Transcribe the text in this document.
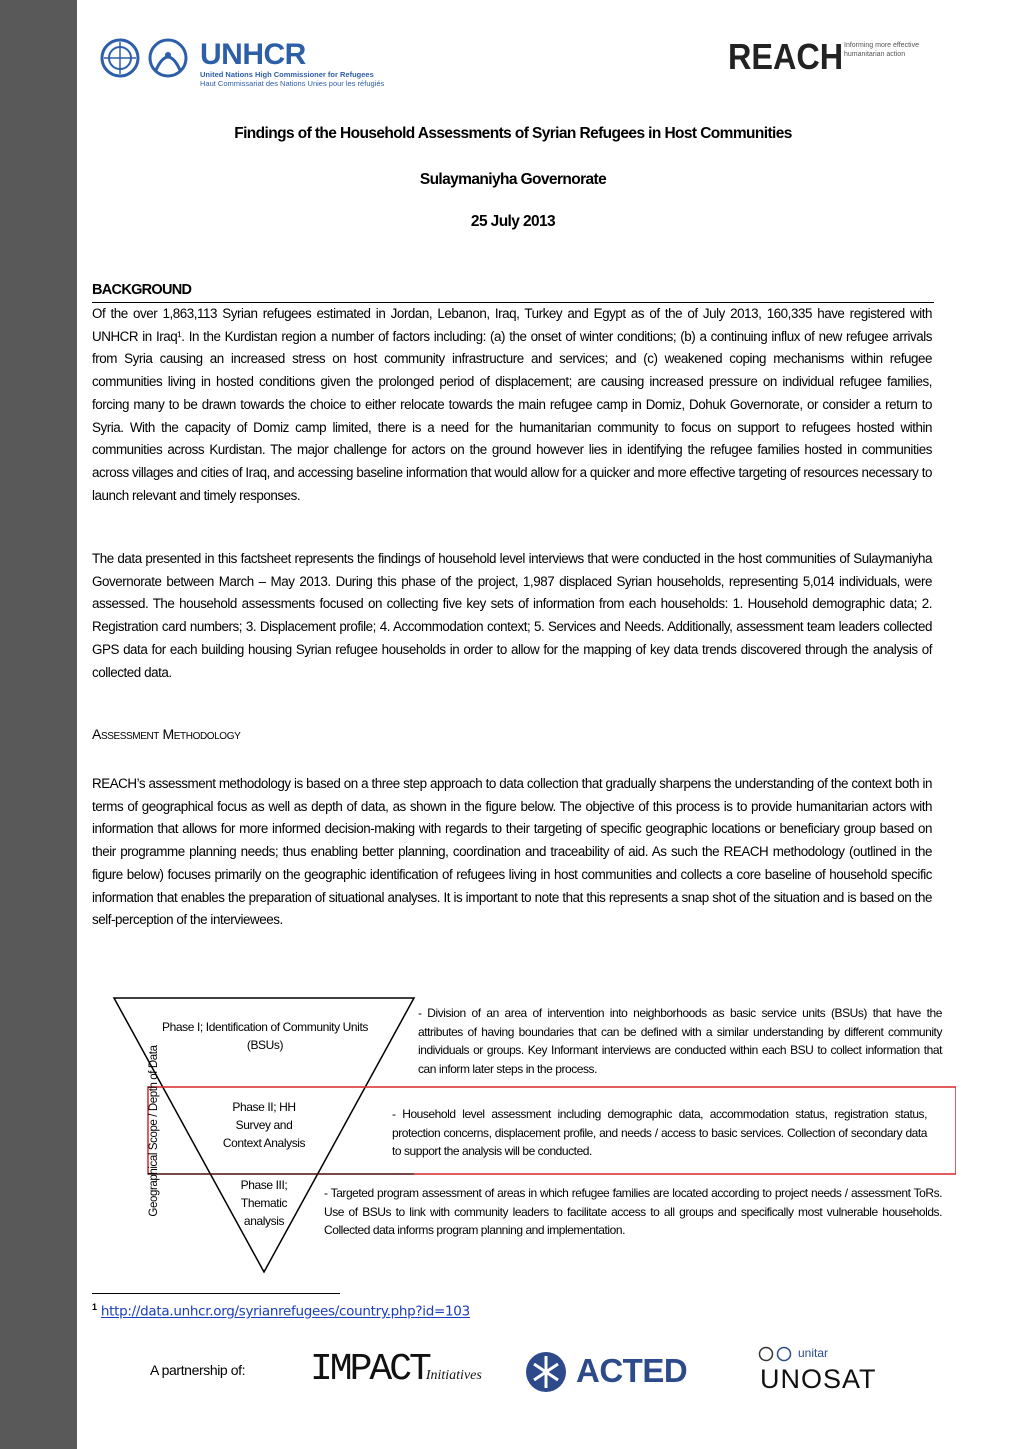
UNHCR
United Nations High Commissioner for Refugees
Haut Commissariat des Nations Unies pour les réfugiés
REACH Informing more effective humanitarian action
Findings of the Household Assessments of Syrian Refugees in Host Communities
Sulaymaniyha Governorate
25 July 2013
BACKGROUND
Of the over 1,863,113 Syrian refugees estimated in Jordan, Lebanon, Iraq, Turkey and Egypt as of the of July 2013, 160,335 have registered with UNHCR in Iraq¹. In the Kurdistan region a number of factors including: (a) the onset of winter conditions; (b) a continuing influx of new refugee arrivals from Syria causing an increased stress on host community infrastructure and services; and (c) weakened coping mechanisms within refugee communities living in hosted conditions given the prolonged period of displacement; are causing increased pressure on individual refugee families, forcing many to be drawn towards the choice to either relocate towards the main refugee camp in Domiz, Dohuk Governorate, or consider a return to Syria. With the capacity of Domiz camp limited, there is a need for the humanitarian community to focus on support to refugees hosted within communities across Kurdistan. The major challenge for actors on the ground however lies in identifying the refugee families hosted in communities across villages and cities of Iraq, and accessing baseline information that would allow for a quicker and more effective targeting of resources necessary to launch relevant and timely responses.
The data presented in this factsheet represents the findings of household level interviews that were conducted in the host communities of Sulaymaniyha Governorate between March – May 2013. During this phase of the project, 1,987 displaced Syrian households, representing 5,014 individuals, were assessed. The household assessments focused on collecting five key sets of information from each households: 1. Household demographic data; 2. Registration card numbers; 3. Displacement profile; 4. Accommodation context; 5. Services and Needs. Additionally, assessment team leaders collected GPS data for each building housing Syrian refugee households in order to allow for the mapping of key data trends discovered through the analysis of collected data.
Assessment Methodology
REACH’s assessment methodology is based on a three step approach to data collection that gradually sharpens the understanding of the context both in terms of geographical focus as well as depth of data, as shown in the figure below. The objective of this process is to provide humanitarian actors with information that allows for more informed decision-making with regards to their targeting of specific geographic locations or beneficiary group based on their programme planning needs; thus enabling better planning, coordination and traceability of aid. As such the REACH methodology (outlined in the figure below) focuses primarily on the geographic identification of refugees living in host communities and collects a core baseline of household specific information that enables the preparation of situational analyses. It is important to note that this represents a snap shot of the situation and is based on the self-perception of the interviewees.
Geographical Scope / Depth of Data
Phase I; Identification of Community Units (BSUs)
Phase II; HH
Survey and
Context Analysis
Phase III;
Thematic
analysis
- Division of an area of intervention into neighborhoods as basic service units (BSUs) that have the attributes of having boundaries that can be defined with a similar understanding by different community individuals or groups. Key Informant interviews are conducted within each BSU to collect information that can inform later steps in the process.
- Household level assessment including demographic data, accommodation status, registration status, protection concerns, displacement profile, and needs / access to basic services. Collection of secondary data to support the analysis will be conducted.
- Targeted program assessment of areas in which refugee families are located according to project needs / assessment ToRs. Use of BSUs to link with community leaders to facilitate access to all groups and specifically most vulnerable households. Collected data informs program planning and implementation.
$^1$ http://data.unhcr.org/syrianrefugees/country.php?id=103
A partnership of: IMPACTInitiatives	ACTED	unitar
UNOSAT
